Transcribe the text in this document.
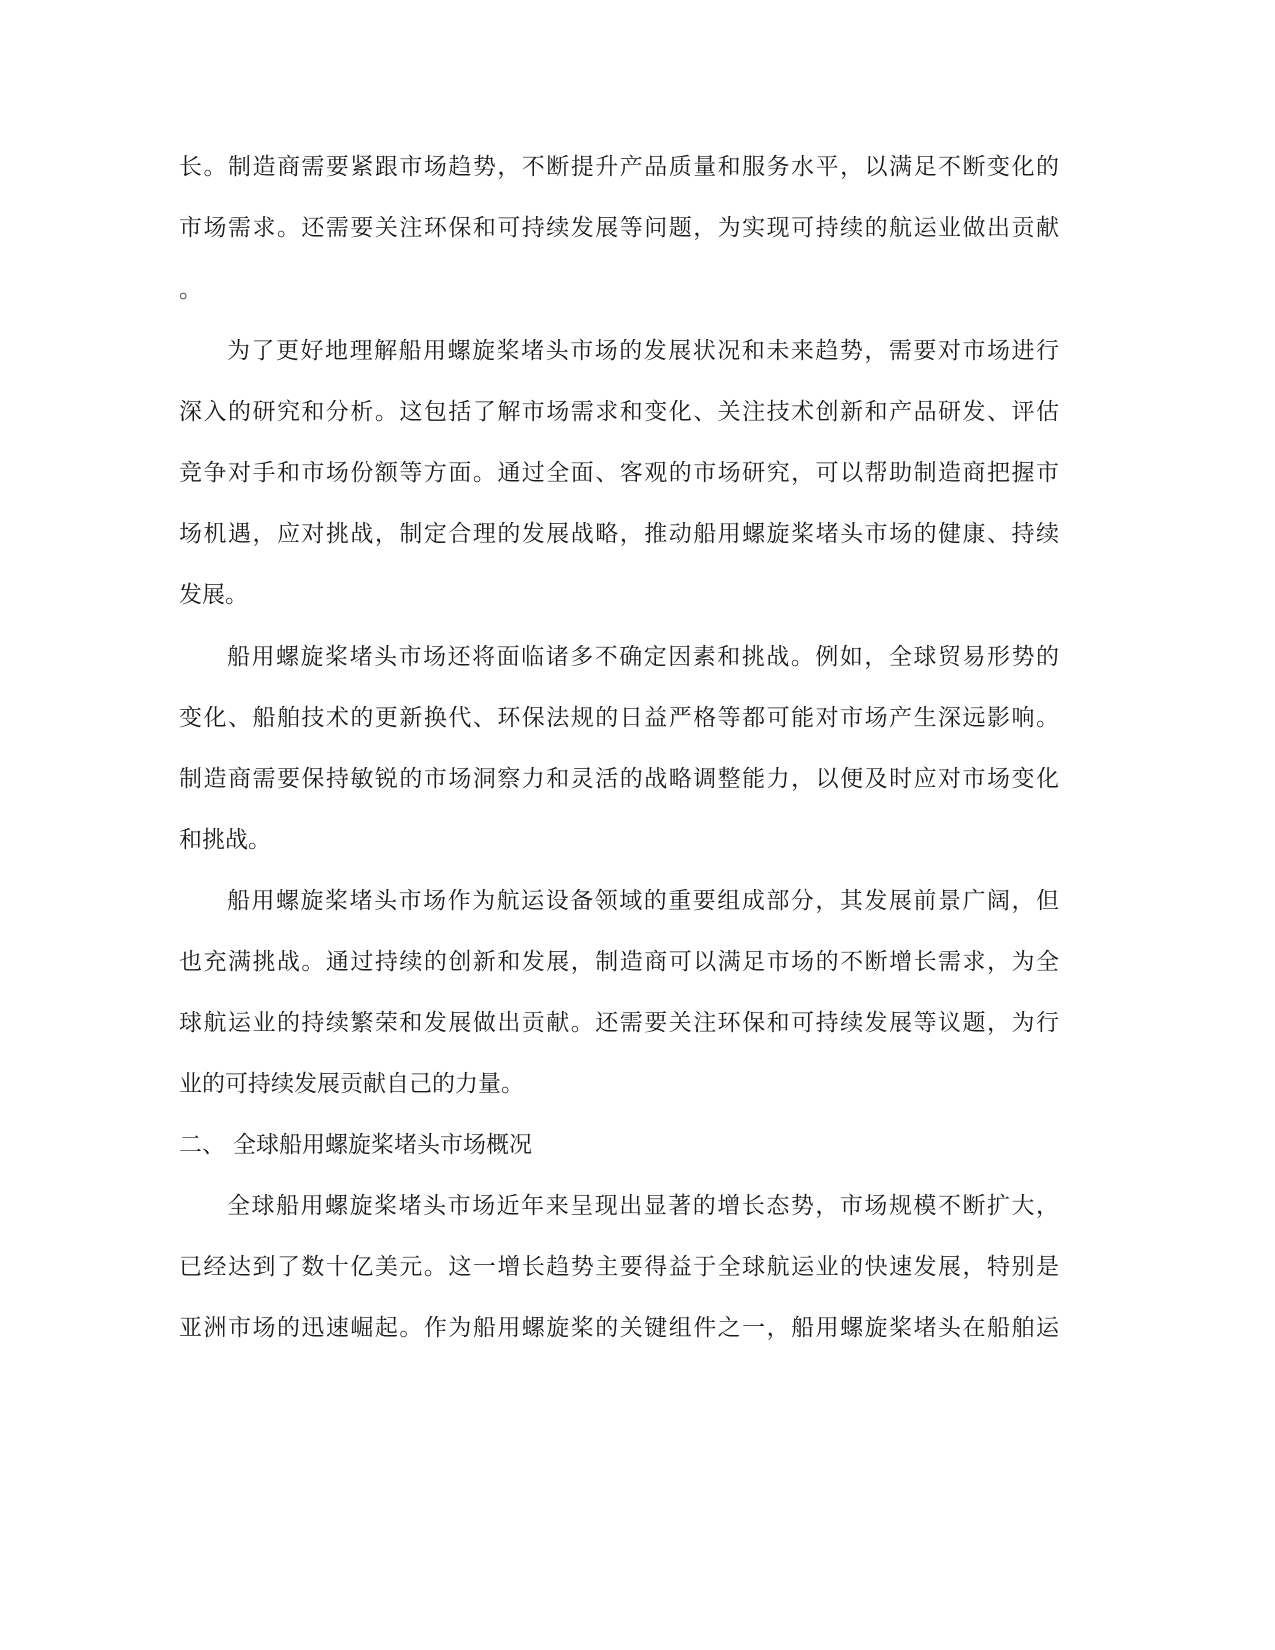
长。制造商需要紧跟市场趋势，不断提升产品质量和服务水平，以满足不断变化的
市场需求。还需要关注环保和可持续发展等问题，为实现可持续的航运业做出贡献
。
为了更好地理解船用螺旋桨堵头市场的发展状况和未来趋势，需要对市场进行
深入的研究和分析。这包括了解市场需求和变化、关注技术创新和产品研发、评估
竞争对手和市场份额等方面。通过全面、客观的市场研究，可以帮助制造商把握市
场机遇，应对挑战，制定合理的发展战略，推动船用螺旋桨堵头市场的健康、持续
发展。
船用螺旋桨堵头市场还将面临诸多不确定因素和挑战。例如，全球贸易形势的
变化、船舶技术的更新换代、环保法规的日益严格等都可能对市场产生深远影响。
制造商需要保持敏锐的市场洞察力和灵活的战略调整能力，以便及时应对市场变化
和挑战。
船用螺旋桨堵头市场作为航运设备领域的重要组成部分，其发展前景广阔，但
也充满挑战。通过持续的创新和发展，制造商可以满足市场的不断增长需求，为全
球航运业的持续繁荣和发展做出贡献。还需要关注环保和可持续发展等议题，为行
业的可持续发展贡献自己的力量。
二、 全球船用螺旋桨堵头市场概况
全球船用螺旋桨堵头市场近年来呈现出显著的增长态势，市场规模不断扩大，
已经达到了数十亿美元。这一增长趋势主要得益于全球航运业的快速发展，特别是
亚洲市场的迅速崛起。作为船用螺旋桨的关键组件之一，船用螺旋桨堵头在船舶运
